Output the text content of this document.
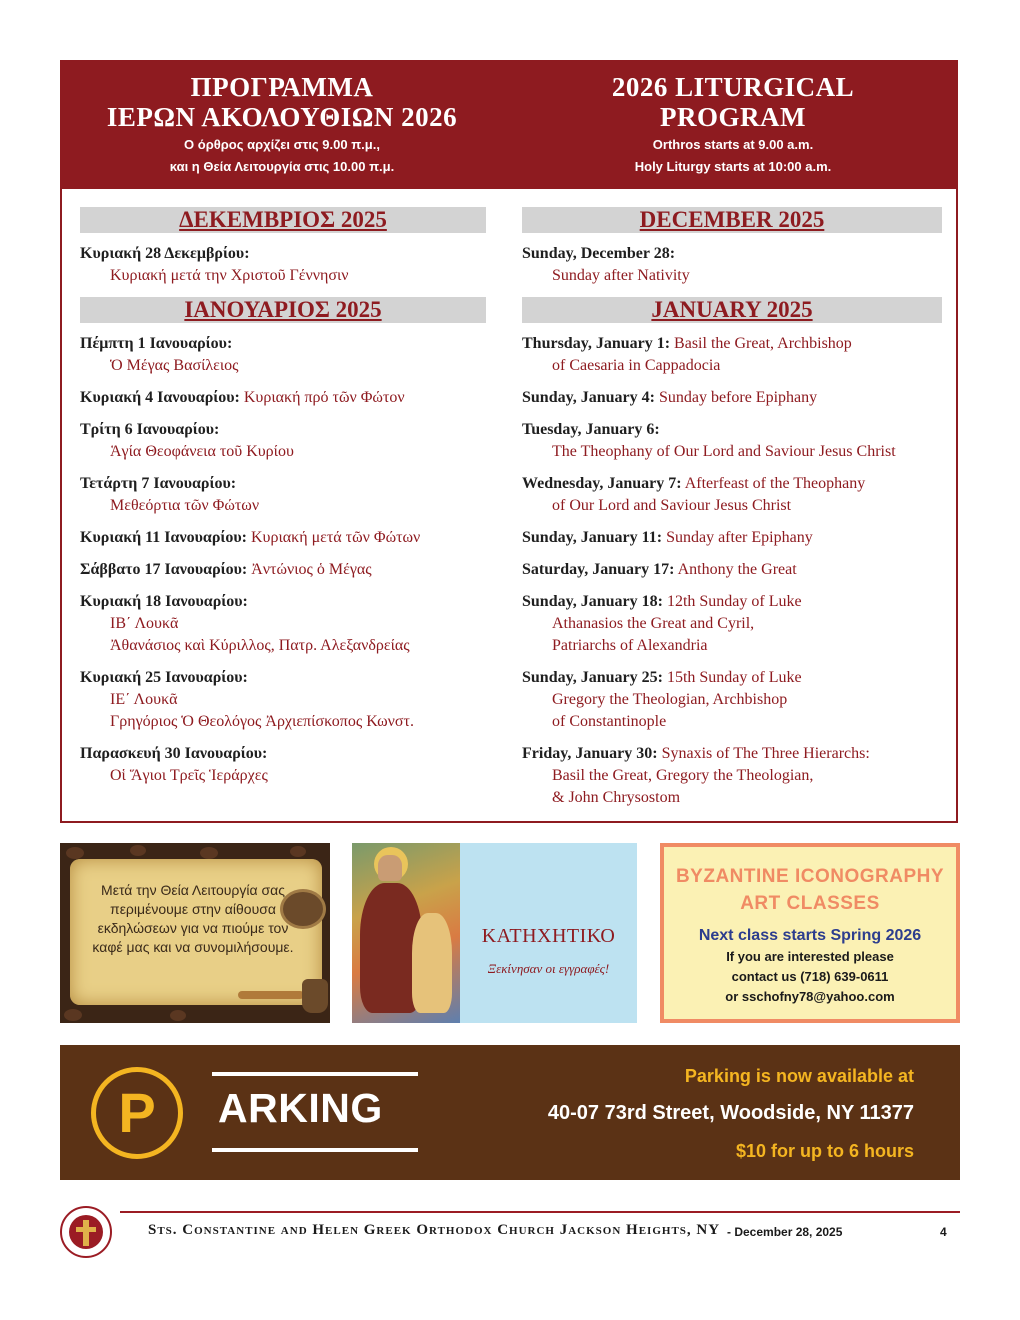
ΠΡΟΓΡΑΜΜΑ
ΙΕΡΩΝ ΑΚΟΛΟΥΘΙΩΝ 2026
Ο όρθρος αρχίζει στις 9.00 π.μ.,
και η Θεία Λειτουργία στις 10.00 π.μ.
2026 LITURGICAL
PROGRAM
Orthros starts at 9.00 a.m.
Holy Liturgy starts at 10:00 a.m.
ΔΕΚΕΜΒΡΙΟΣ 2025
Κυριακή 28 Δεκεμβρίου:
Κυριακή μετά την Χριστοῦ Γέννησιν
ΙΑΝΟΥΑΡΙΟΣ 2025
Πέμπτη 1 Ιανουαρίου:
Ὁ Μέγας Βασίλειος
Κυριακή 4 Ιανουαρίου: Κυριακή πρό τῶν Φώτον
Τρίτη 6 Ιανουαρίου:
Ἁγία Θεοφάνεια τοῦ Κυρίου
Τετάρτη 7 Ιανουαρίου:
Μεθεόρτια τῶν Φώτων
Κυριακή 11 Ιανουαρίου: Κυριακή μετά τῶν Φώτων
Σάββατο 17 Ιανουαρίου: Ἀντώνιος ὁ Μέγας
Κυριακή 18 Ιανουαρίου:
ΙΒ΄ Λουκᾶ
Ἀθανάσιος καὶ Κύριλλος, Πατρ. Αλεξανδρείας
Κυριακή 25 Ιανουαρίου:
ΙΕ΄ Λουκᾶ
Γρηγόριος Ὁ Θεολόγος Ἀρχιεπίσκοπος Κωνστ.
Παρασκευή 30 Ιανουαρίου:
Οἱ Ἅγιοι Τρεῖς Ἱεράρχες
DECEMBER 2025
Sunday, December 28:
Sunday after Nativity
JANUARY 2025
Thursday, January 1: Basil the Great, Archbishop
of Caesaria in Cappadocia
Sunday, January 4: Sunday before Epiphany
Tuesday, January 6:
The Theophany of Our Lord and Saviour Jesus Christ
Wednesday, January 7: Afterfeast of the Theophany
of Our Lord and Saviour Jesus Christ
Sunday, January 11: Sunday after Epiphany
Saturday, January 17: Anthony the Great
Sunday, January 18: 12th Sunday of Luke
Athanasios the Great and Cyril,
Patriarchs of Alexandria
Sunday, January 25: 15th Sunday of Luke
Gregory the Theologian, Archbishop
of Constantinople
Friday, January 30: Synaxis of The Three Hierarchs:
Basil the Great, Gregory the Theologian,
& John Chrysostom
Μετά την Θεία Λειτουργία σας περιμένουμε στην αίθουσα εκδηλώσεων για να πιούμε τον καφέ μας και να συνομιλήσουμε.	ΚΑΤΗΧΗΤΙΚΟ
Ξεκίνησαν οι εγγραφές!
BYZANTINE ICONOGRAPHY
ART CLASSES
Next class starts Spring 2026
If you are interested please
contact us (718) 639-0611
or sschofny78@yahoo.com
P	ARKING
Parking is now available at
40-07 73rd Street, Woodside, NY 11377
$10 for up to 6 hours
Sts. Constantine and Helen Greek Orthodox Church Jackson Heights, NY - December 28, 2025	4
